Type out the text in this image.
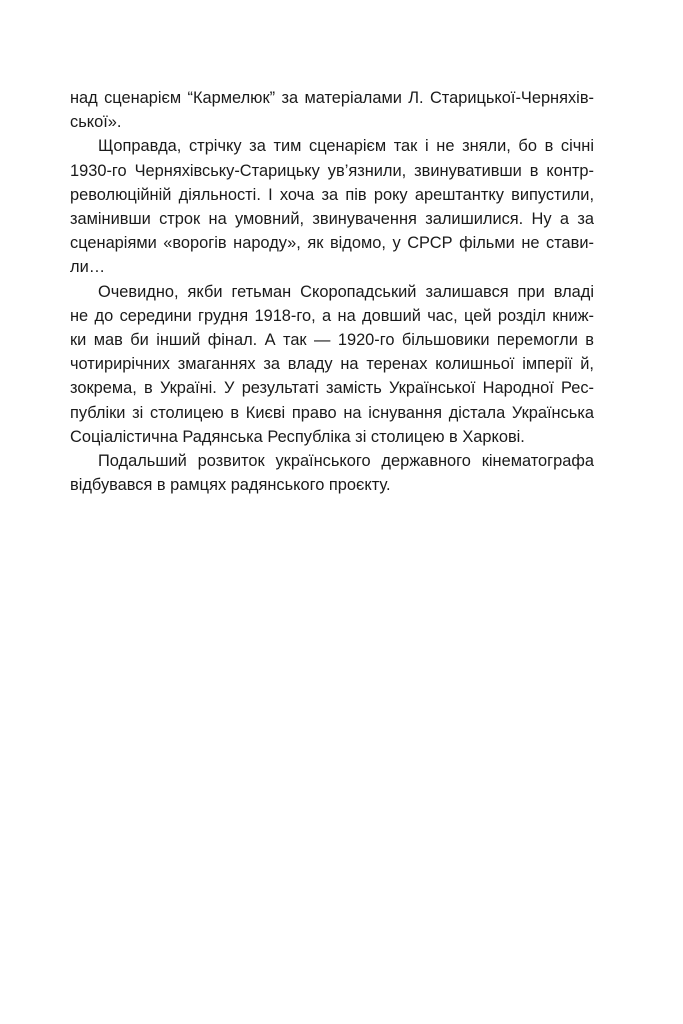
над сценарієм “Кармелюк” за матеріалами Л. Старицької-Черняхів-
ської».
Щоправда, стрічку за тим сценарієм так і не зняли, бо в січні
1930-го Черняхівську-Старицьку ув’язнили, звинувативши в контр-
революційній діяльності. І хоча за пів року арештантку випустили,
замінивши строк на умовний, звинувачення залишилися. Ну а за
сценаріями «ворогів народу», як відомо, у СРСР фільми не стави-
ли…
Очевидно, якби гетьман Скоропадський залишався при владі
не до середини грудня 1918-го, а на довший час, цей розділ книж-
ки мав би інший фінал. А так — 1920-го більшовики перемогли в
чотирирічних змаганнях за владу на теренах колишньої імперії й,
зокрема, в Україні. У результаті замість Української Народної Рес-
публіки зі столицею в Києві право на існування дістала Українська
Соціалістична Радянська Республіка зі столицею в Харкові.
Подальший розвиток українського державного кінематографа
відбувався в рамцях радянського проєкту.
